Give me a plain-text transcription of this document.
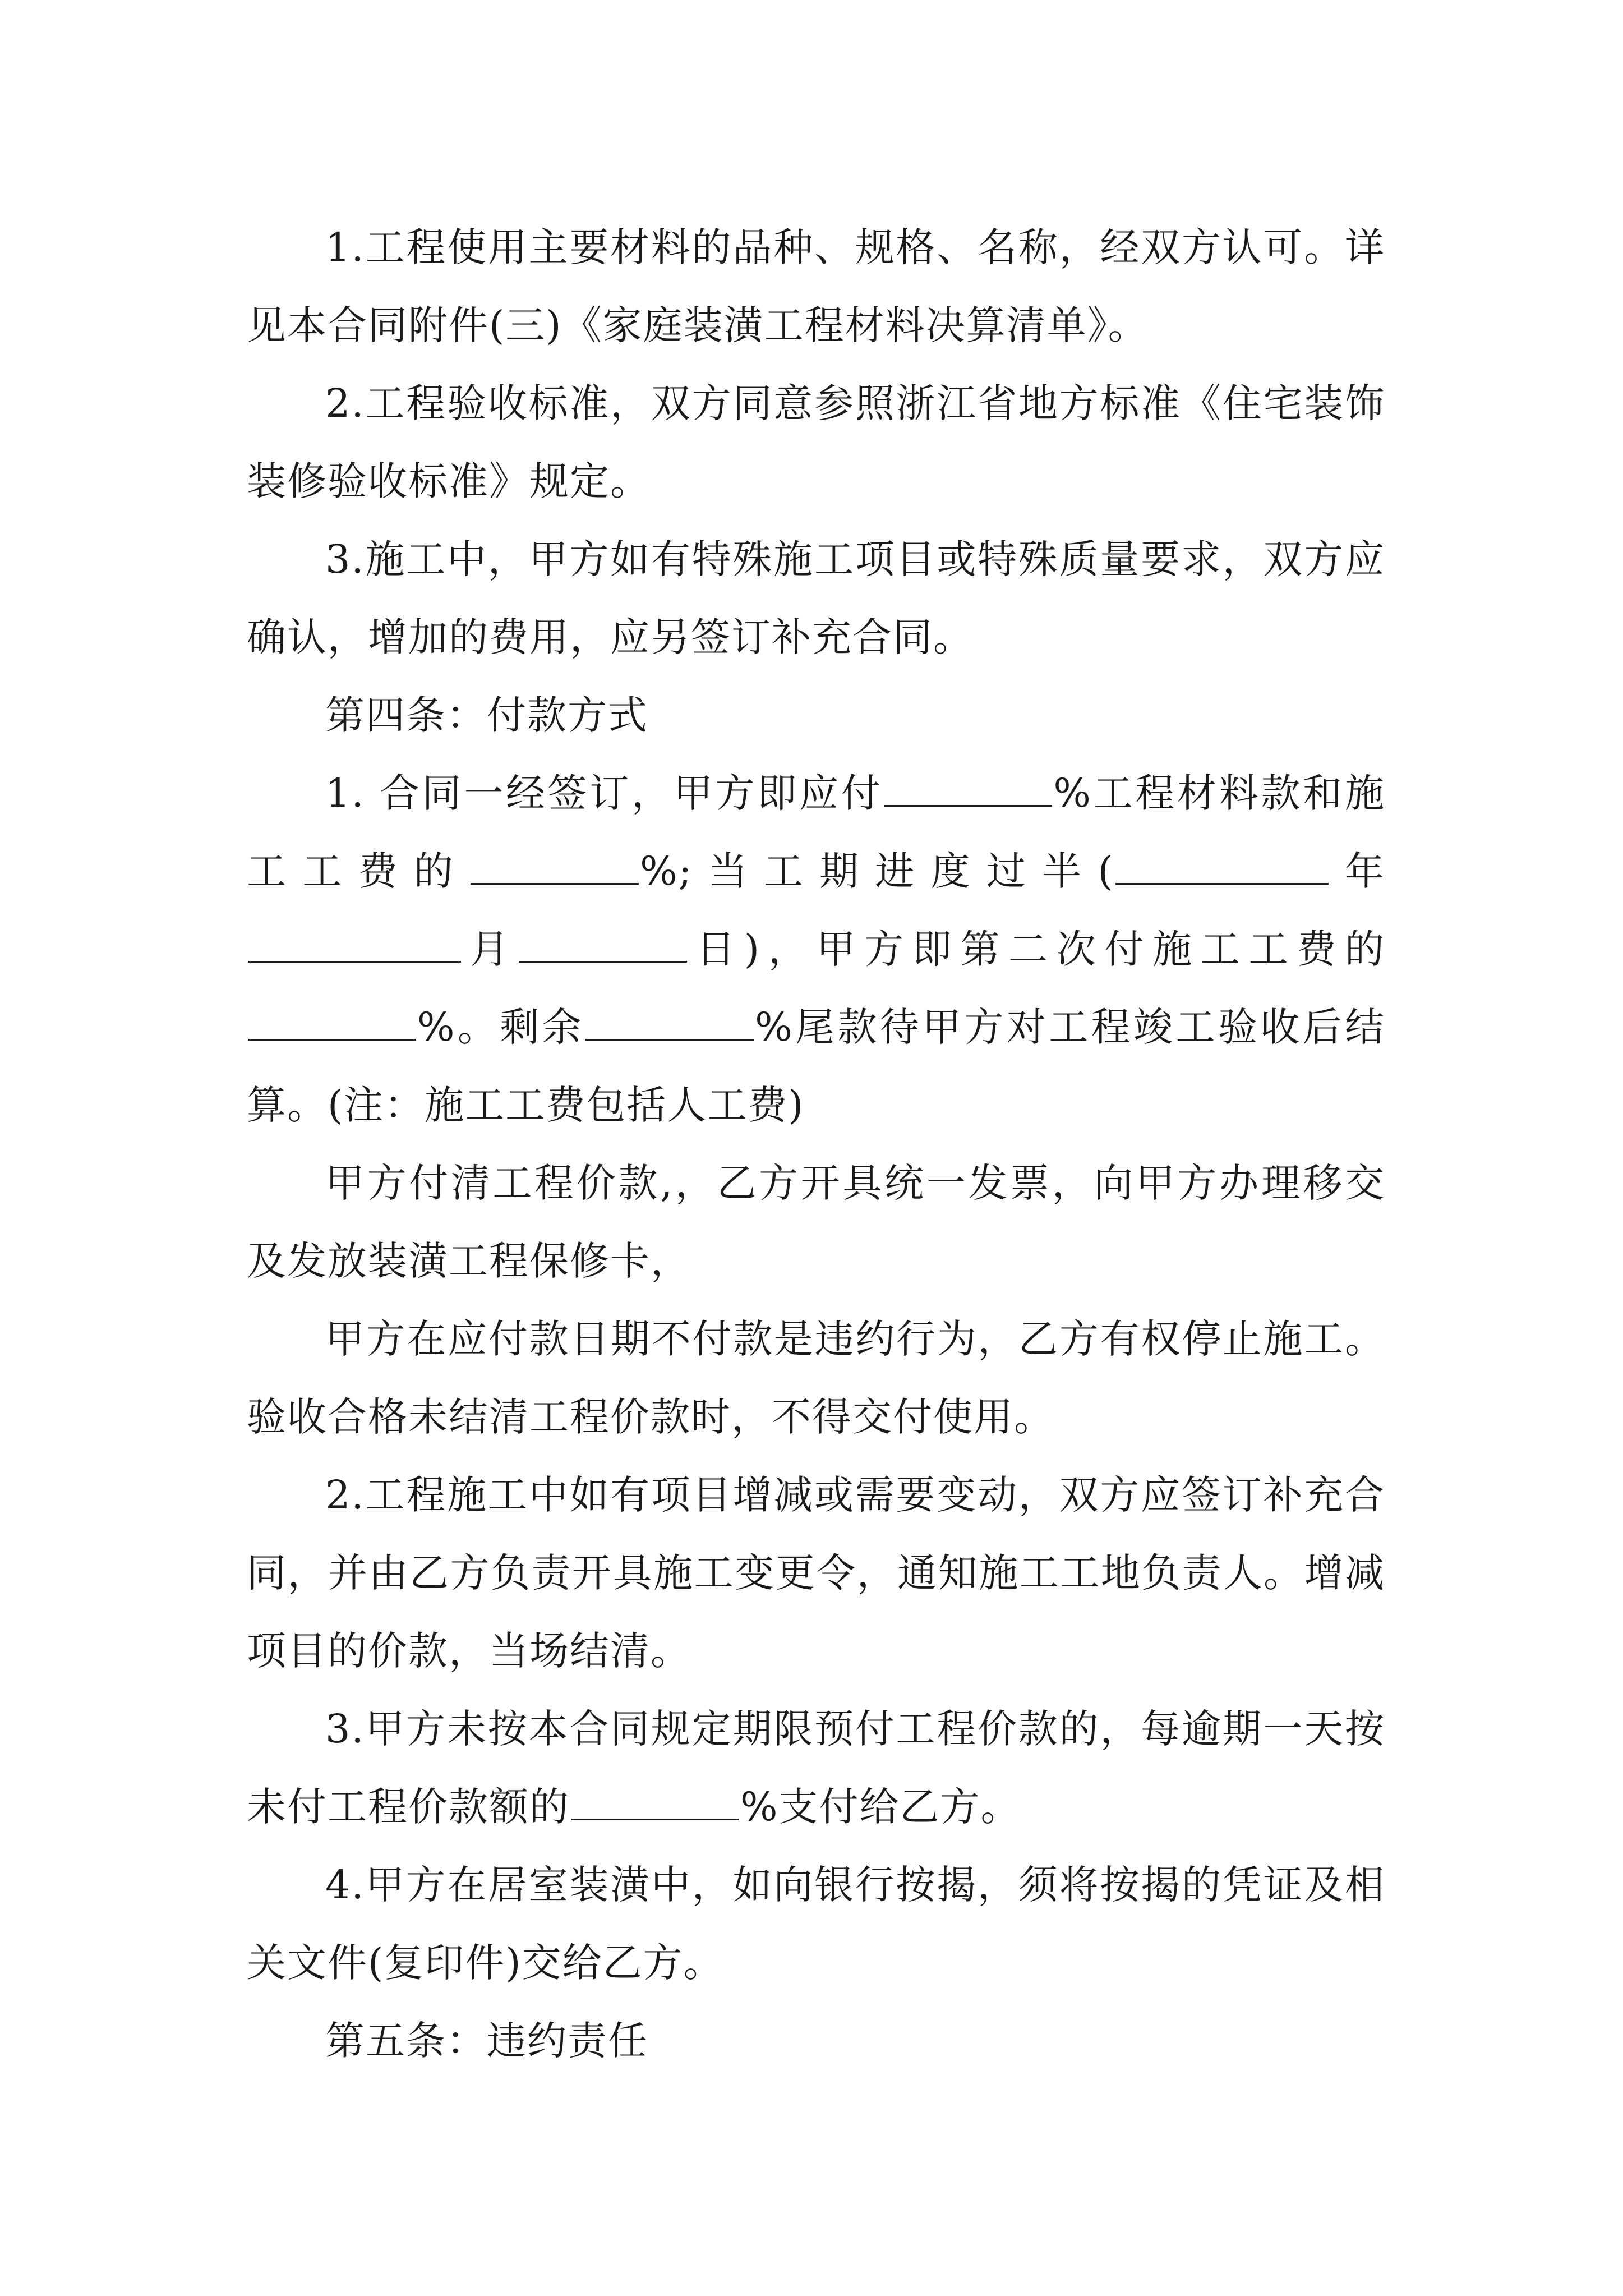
1.工程使用主要材料的品种、规格、名称，经双方认可。详见本合同附件(三)《家庭装潢工程材料决算清单》。

2.工程验收标准，双方同意参照浙江省地方标准《住宅装饰装修验收标准》规定。

3.施工中，甲方如有特殊施工项目或特殊质量要求，双方应确认，增加的费用，应另签订补充合同。

第四条：付款方式

1. 合同一经签订，甲方即应付	%工程材料款和施工工费的	%;当工期进度过半(	年月	日)，甲方即第二次付施工工费的%。剩余	%尾款待甲方对工程竣工验收后结算。(注：施工工费包括人工费)

甲方付清工程价款,，乙方开具统一发票，向甲方办理移交及发放装潢工程保修卡，

甲方在应付款日期不付款是违约行为，乙方有权停止施工。验收合格未结清工程价款时，不得交付使用。

2.工程施工中如有项目增减或需要变动，双方应签订补充合同，并由乙方负责开具施工变更令，通知施工工地负责人。增减项目的价款，当场结清。

3.甲方未按本合同规定期限预付工程价款的，每逾期一天按未付工程价款额的	%支付给乙方。

4.甲方在居室装潢中，如向银行按揭，须将按揭的凭证及相关文件(复印件)交给乙方。

第五条：违约责任
